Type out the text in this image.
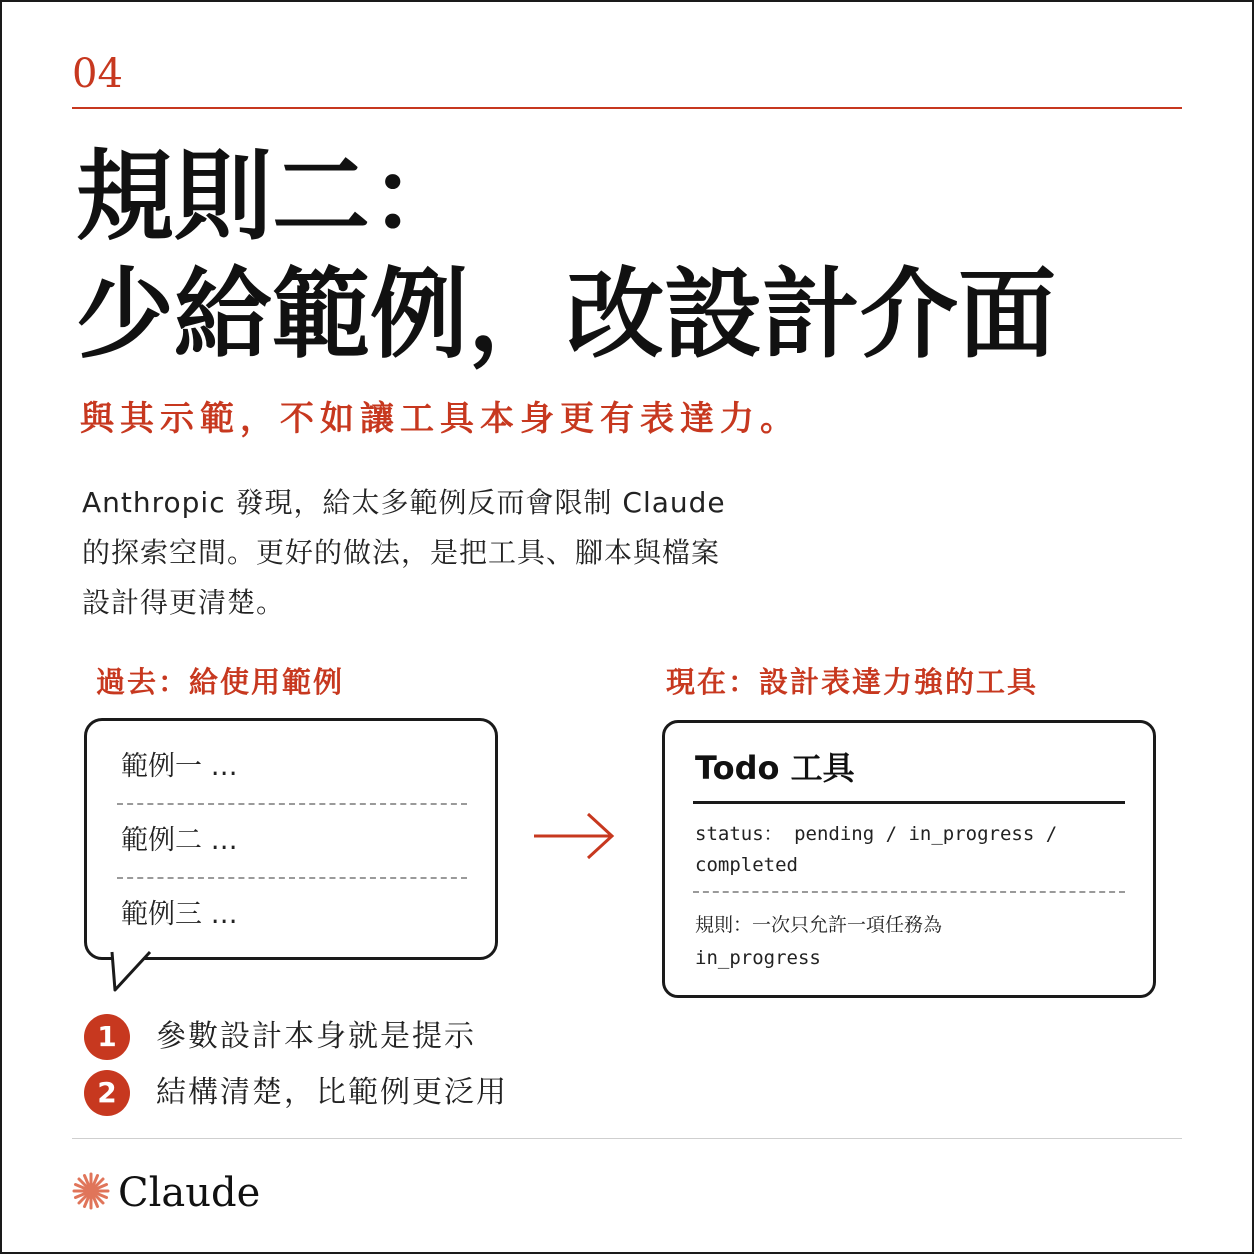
04
規則二：
少給範例，改設計介面
與其示範，不如讓工具本身更有表達力。
Anthropic 發現，給太多範例反而會限制 Claude
的探索空間。更好的做法，是把工具、腳本與檔案
設計得更清楚。
過去：給使用範例	現在：設計表達力強的工具
範例一 …
範例二 …
範例三 …
Todo 工具
status： pending / in_progress /
completed
規則：一次只允許一項任務為
in_progress
1	參數設計本身就是提示
2	結構清楚，比範例更泛用
Claude
